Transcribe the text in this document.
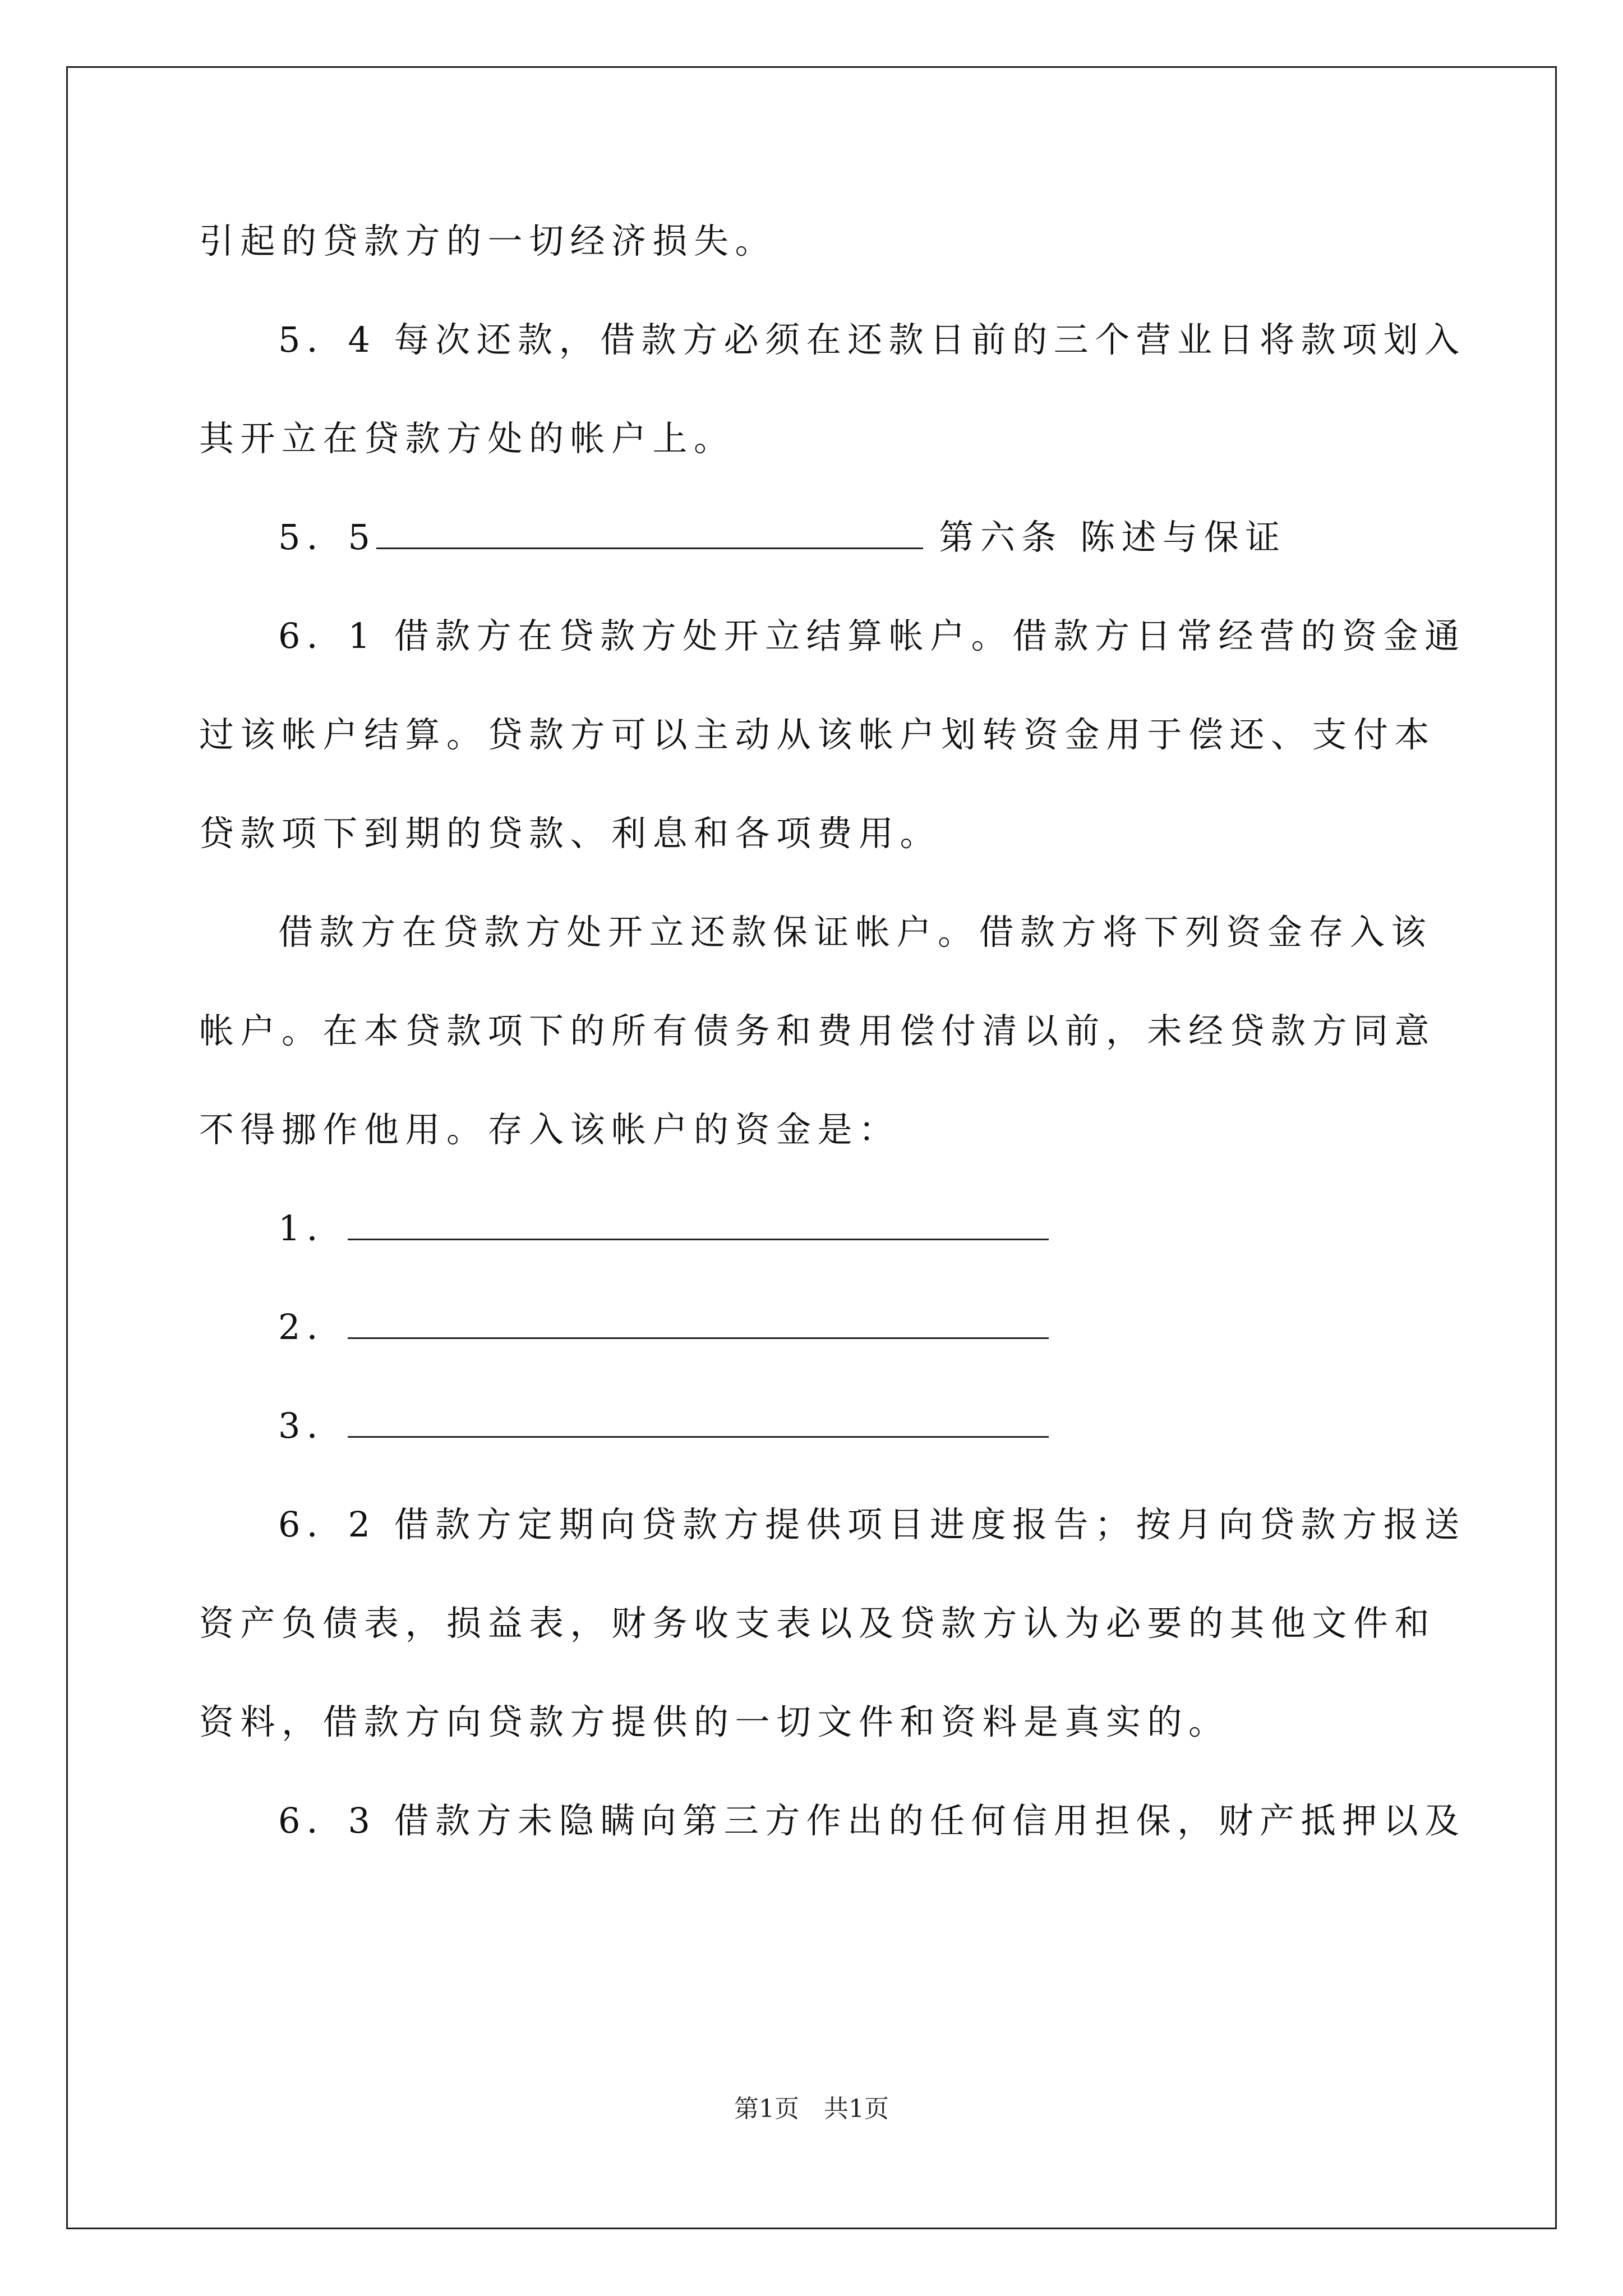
引起的贷款方的一切经济损失。
5．4 每次还款，借款方必须在还款日前的三个营业日将款项划入
其开立在贷款方处的帐户上。
5．5	第六条 陈述与保证
6．1 借款方在贷款方处开立结算帐户。借款方日常经营的资金通
过该帐户结算。贷款方可以主动从该帐户划转资金用于偿还、支付本
贷款项下到期的贷款、利息和各项费用。
借款方在贷款方处开立还款保证帐户。借款方将下列资金存入该
帐户。在本贷款项下的所有债务和费用偿付清以前，未经贷款方同意
不得挪作他用。存入该帐户的资金是：
1．
2．
3．
6．2 借款方定期向贷款方提供项目进度报告；按月向贷款方报送
资产负债表，损益表，财务收支表以及贷款方认为必要的其他文件和
资料，借款方向贷款方提供的一切文件和资料是真实的。
6．3 借款方未隐瞒向第三方作出的任何信用担保，财产抵押以及
第1页　共1页
